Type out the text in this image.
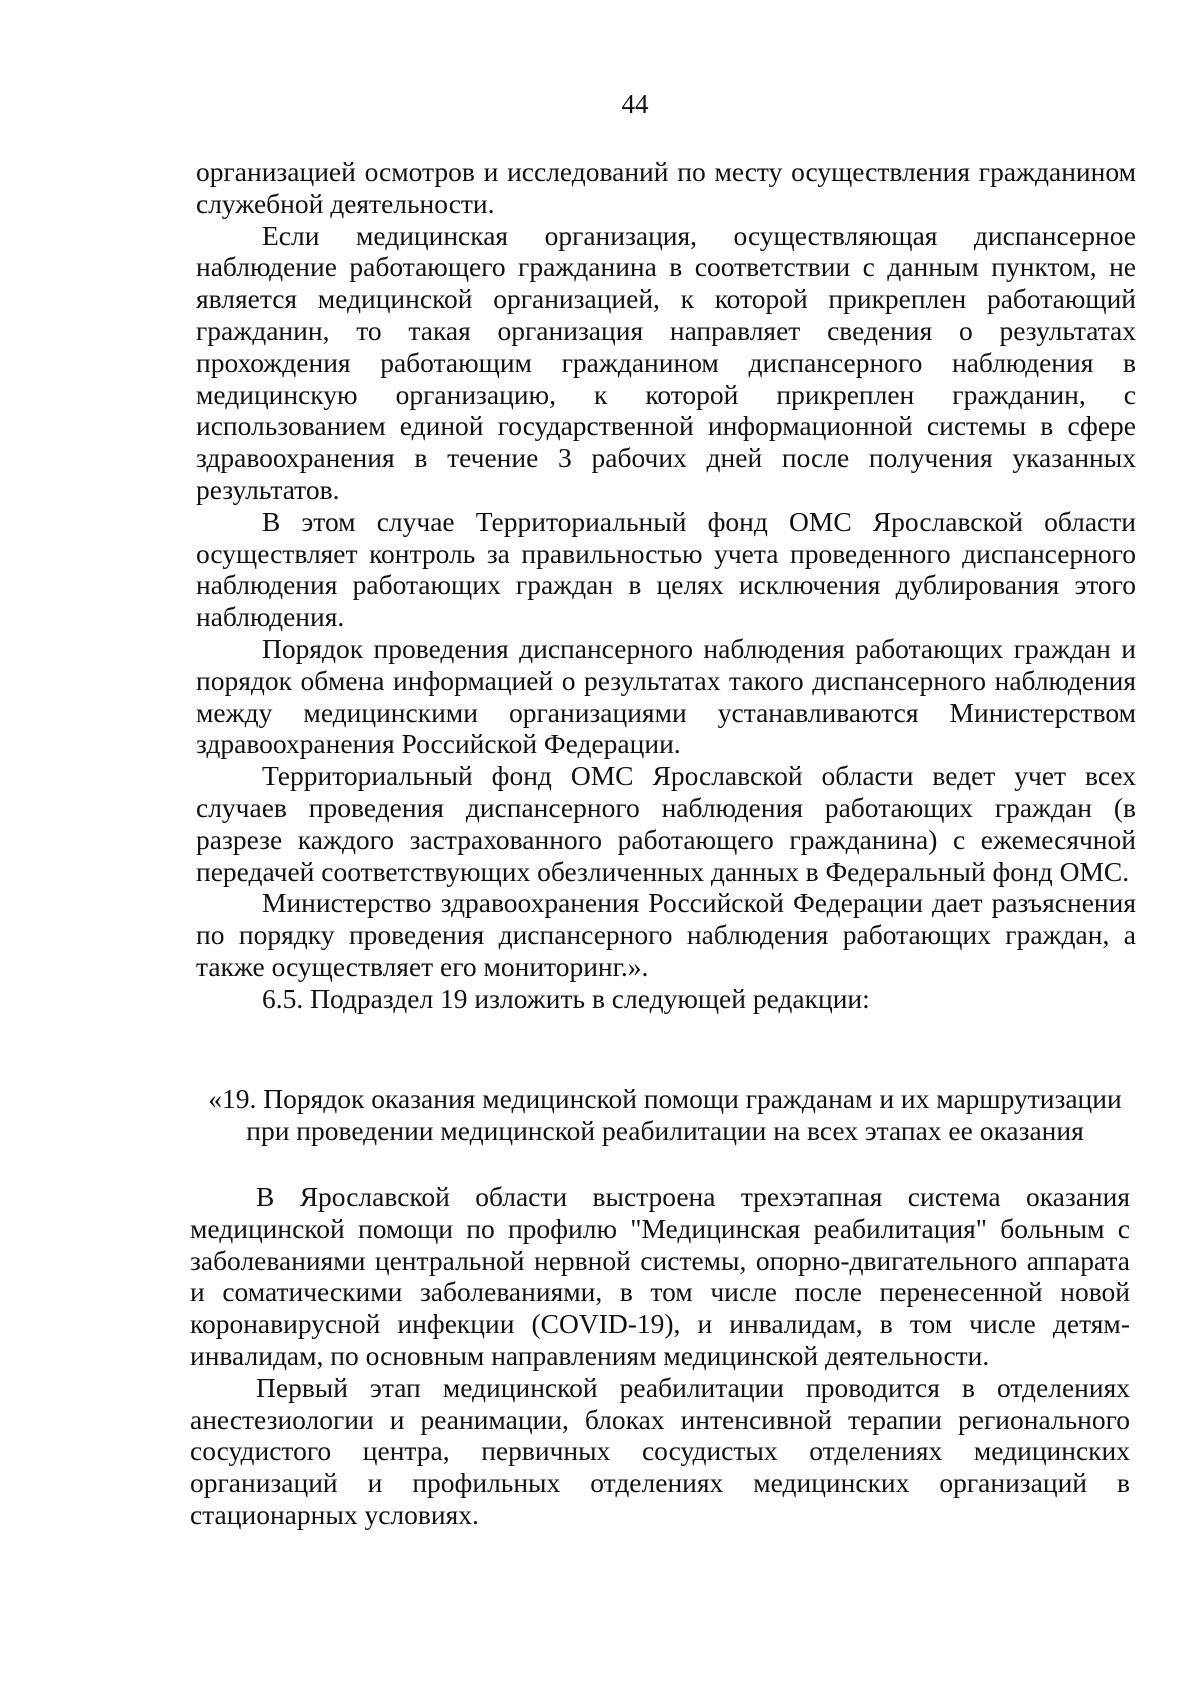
44

организацией осмотров и исследований по месту осуществления гражданином служебной деятельности.

Если медицинская организация, осуществляющая диспансерное наблюдение работающего гражданина в соответствии с данным пунктом, не является медицинской организацией, к которой прикреплен работающий гражданин, то такая организация направляет сведения о результатах прохождения работающим гражданином диспансерного наблюдения в медицинскую организацию, к которой прикреплен гражданин, с использованием единой государственной информационной системы в сфере здравоохранения в течение 3 рабочих дней после получения указанных результатов.

В этом случае Территориальный фонд ОМС Ярославской области осуществляет контроль за правильностью учета проведенного диспансерного наблюдения работающих граждан в целях исключения дублирования этого наблюдения.

Порядок проведения диспансерного наблюдения работающих граждан и порядок обмена информацией о результатах такого диспансерного наблюдения между медицинскими организациями устанавливаются Министерством здравоохранения Российской Федерации.

Территориальный фонд ОМС Ярославской области ведет учет всех случаев проведения диспансерного наблюдения работающих граждан (в разрезе каждого застрахованного работающего гражданина) с ежемесячной передачей соответствующих обезличенных данных в Федеральный фонд ОМС.

Министерство здравоохранения Российской Федерации дает разъяснения по порядку проведения диспансерного наблюдения работающих граждан, а также осуществляет его мониторинг.».

6.5. Подраздел 19 изложить в следующей редакции:

«19. Порядок оказания медицинской помощи гражданам и их маршрутизации
при проведении медицинской реабилитации на всех этапах ее оказания

В Ярославской области выстроена трехэтапная система оказания медицинской помощи по профилю "Медицинская реабилитация" больным с заболеваниями центральной нервной системы, опорно-двигательного аппарата и соматическими заболеваниями, в том числе после перенесенной новой коронавирусной инфекции (COVID-19), и инвалидам, в том числе детям-инвалидам, по основным направлениям медицинской деятельности.

Первый этап медицинской реабилитации проводится в отделениях анестезиологии и реанимации, блоках интенсивной терапии регионального сосудистого центра, первичных сосудистых отделениях медицинских организаций и профильных отделениях медицинских организаций в стационарных условиях.
